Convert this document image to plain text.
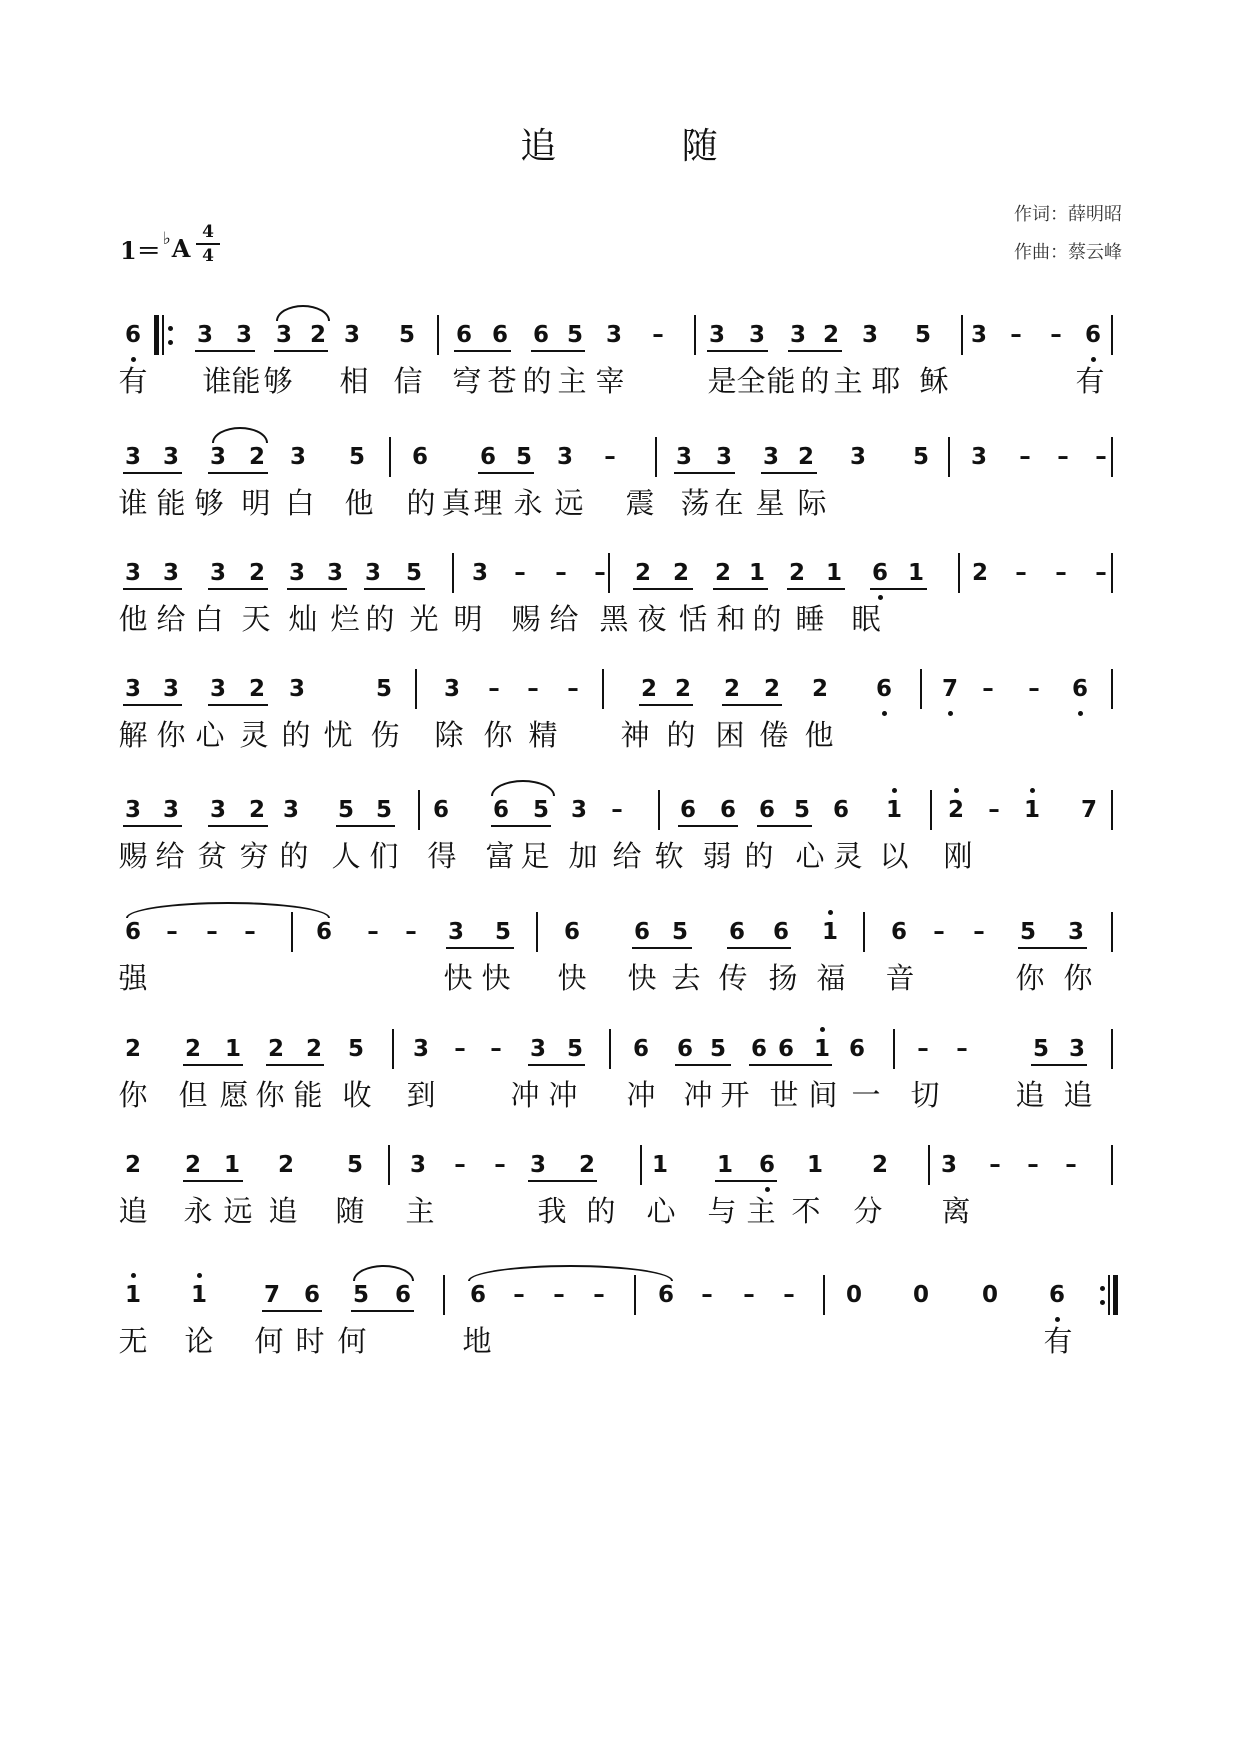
追 随
作词：薛明昭
作曲：蔡云峰
1＝ ♭ A
4
4
6	3 3	3 2 3	5	6 6	6 5 3	–	3	3	3 2 3	5	3	–	–	6
有 谁 能 够 相 信 穹 苍 的 主 宰	是 全 能 的 主 耶 稣	有
3 3	3 2	3	5	6	6 5	3	–	3	3	3 2	3	5	3	–	–	–
谁 能 够 明 白 他 的 真 理 永 远 震 荡 在 星 际
3 3	3 2	3 3 3	5	3	–	–	–	2 2	2 1	2 1	6 1	2	–	–	–
他 给 白 天 灿 烂 的 光 明 赐 给 黑 夜 恬 和 的 睡 眠
3 3	3 2	3	5	3	–	–	–	2 2	2	2	2	6	7	–	–	6
解 你 心 灵 的 忧 伤 除 你 精 神 的 困 倦 他
3 3	3 2 3	5 5	6	6	5 3	–	6	6 6 5 6	1	2	–	1	7
赐 给 贫 穷 的 人 们 得 富 足 加 给 软 弱 的 心 灵 以 刚
6	–	–	–	6	–	–	3	5	6	6 5	6	6	1	6	–	–	5	3
强	快 快 快 快 去 传 扬 福 音	你 你
2	2	1	2 2	5	3	–	–	3 5	6	6 5	6 6 1 6	–	–	5 3
你 但 愿 你 能 收 到	冲 冲 冲 冲 开 世 间 一 切	追 追
2	2 1	2	5	3	–	–	3	2	1	1	6	1	2	3	–	–	–
追 永 远 追 随 主	我 的 心 与 主 不 分 离
1	1	7	6	5	6	6	–	–	–	6	–	–	–	0	0	0	6
无 论 何 时 何	地	有
